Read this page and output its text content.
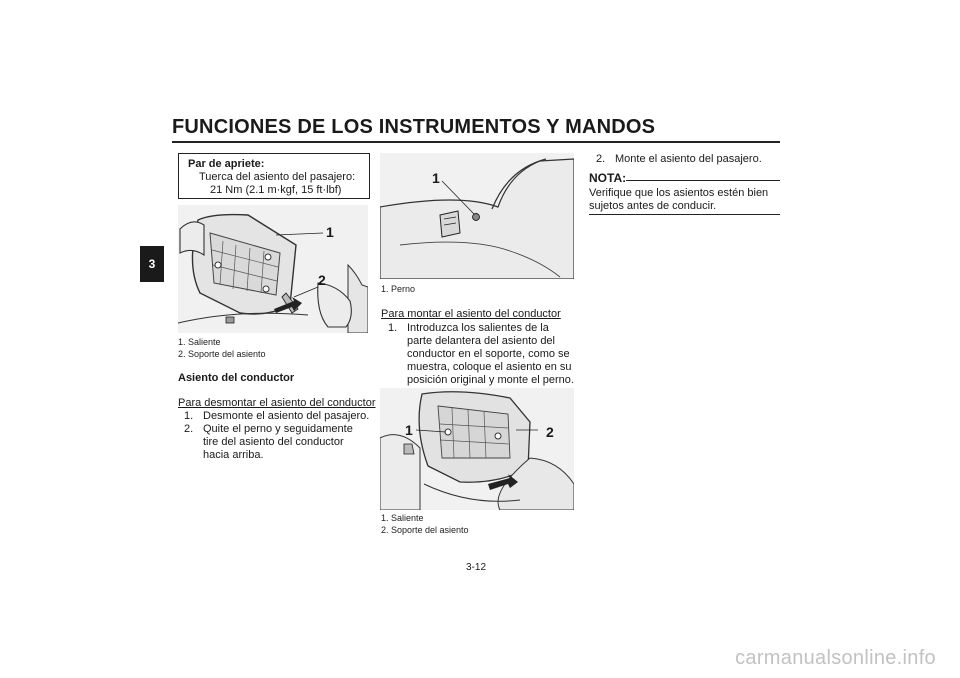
FUNCIONES DE LOS INSTRUMENTOS Y MANDOS
3
Par de apriete:
Tuerca del asiento del pasajero:
21 Nm (2.1 m·kgf, 15 ft·lbf)
1
2
1. Saliente
2. Soporte del asiento
Asiento del conductor
Para desmontar el asiento del conductor
1. Desmonte el asiento del pasajero.
2. Quite el perno y seguidamente tire del asiento del conductor hacia arriba.
1
1. Perno
Para montar el asiento del conductor
1. Introduzca los salientes de la parte delantera del asiento del conductor en el soporte, como se muestra, coloque el asiento en su posición original y monte el perno.
1	2
1. Saliente
2. Soporte del asiento
2. Monte el asiento del pasajero.
NOTA:
Verifique que los asientos estén bien sujetos antes de conducir.
3-12
carmanualsonline.info
